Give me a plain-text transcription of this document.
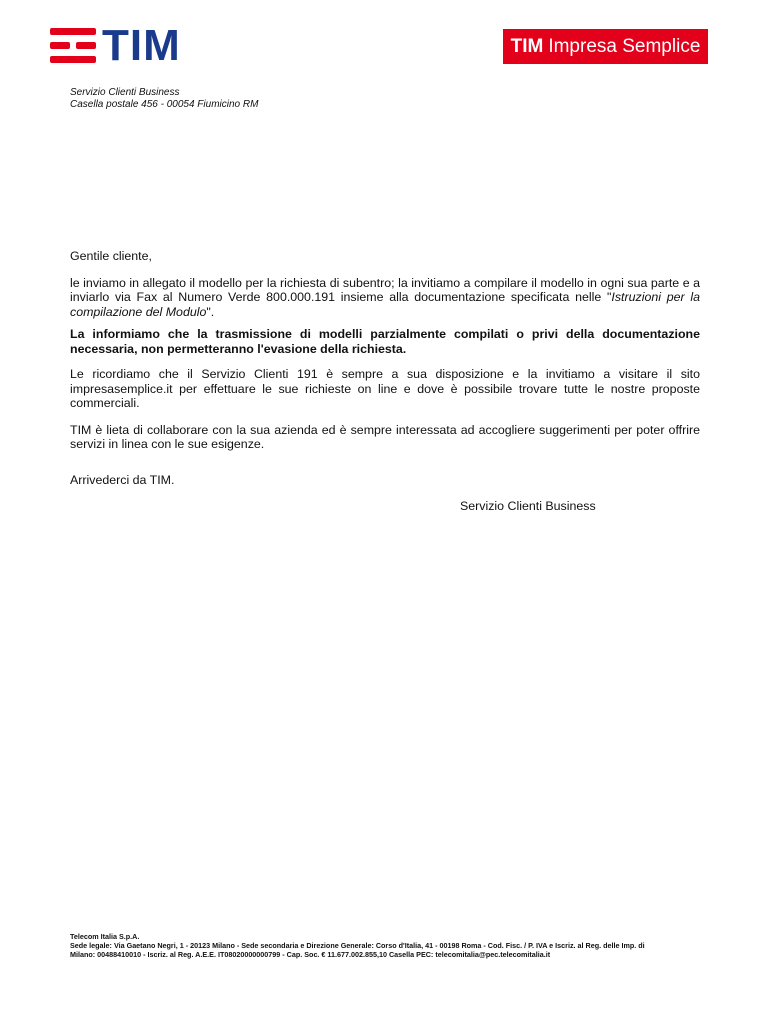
TIM	TIM Impresa Semplice
Servizio Clienti Business
Casella postale 456 - 00054 Fiumicino RM

Gentile cliente,

le inviamo in allegato il modello per la richiesta di subentro; la invitiamo a compilare il modello in ogni sua parte e a inviarlo via Fax al Numero Verde 800.000.191 insieme alla documentazione specificata nelle "Istruzioni per la compilazione del Modulo".

La informiamo che la trasmissione di modelli parzialmente compilati o privi della documentazione necessaria, non permetteranno l'evasione della richiesta.

Le ricordiamo che il Servizio Clienti 191 è sempre a sua disposizione e la invitiamo a visitare il sito impresasemplice.it per effettuare le sue richieste on line e dove è possibile trovare tutte le nostre proposte commerciali.

TIM è lieta di collaborare con la sua azienda ed è sempre interessata ad accogliere suggerimenti per poter offrire servizi in linea con le sue esigenze.

Arrivederci da TIM.

Servizio Clienti Business

Telecom Italia S.p.A.
Sede legale: Via Gaetano Negri, 1 - 20123 Milano - Sede secondaria e Direzione Generale: Corso d'Italia, 41 - 00198 Roma - Cod. Fisc. / P. IVA e Iscriz. al Reg. delle Imp. di
Milano: 00488410010 - Iscriz. al Reg. A.E.E. IT08020000000799 - Cap. Soc. € 11.677.002.855,10 Casella PEC: telecomitalia@pec.telecomitalia.it
